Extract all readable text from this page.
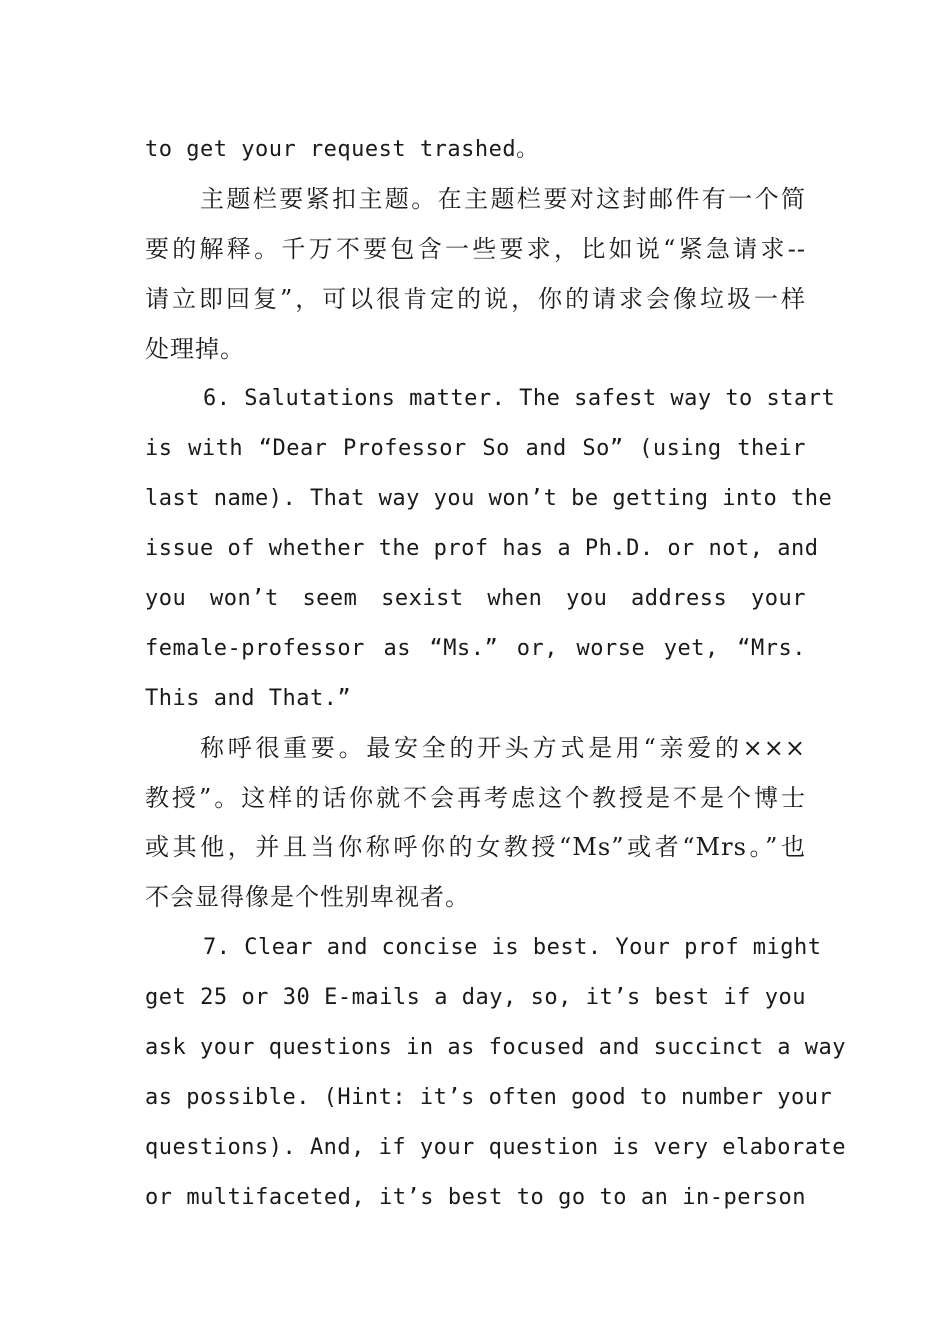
to get your request trashed。
主题栏要紧扣主题。在主题栏要对这封邮件有一个简
要的解释。千万不要包含一些要求，比如说“紧急请求--
请立即回复”，可以很肯定的说，你的请求会像垃圾一样
处理掉。
6. Salutations matter. The safest way to start
is with “Dear Professor So and So” (using their
last name). That way you won’t be getting into the
issue of whether the prof has a Ph.D. or not, and
you won’t seem sexist when you address your
female-professor as “Ms.” or, worse yet, “Mrs.
This and That.”
称呼很重要。最安全的开头方式是用“亲爱的×××
教授”。这样的话你就不会再考虑这个教授是不是个博士
或其他，并且当你称呼你的女教授“Ms”或者“Mrs。”也
不会显得像是个性别卑视者。
7. Clear and concise is best. Your prof might
get 25 or 30 E-mails a day, so, it’s best if you
ask your questions in as focused and succinct a way
as possible. (Hint: it’s often good to number your
questions). And, if your question is very elaborate
or multifaceted, it’s best to go to an in-person
